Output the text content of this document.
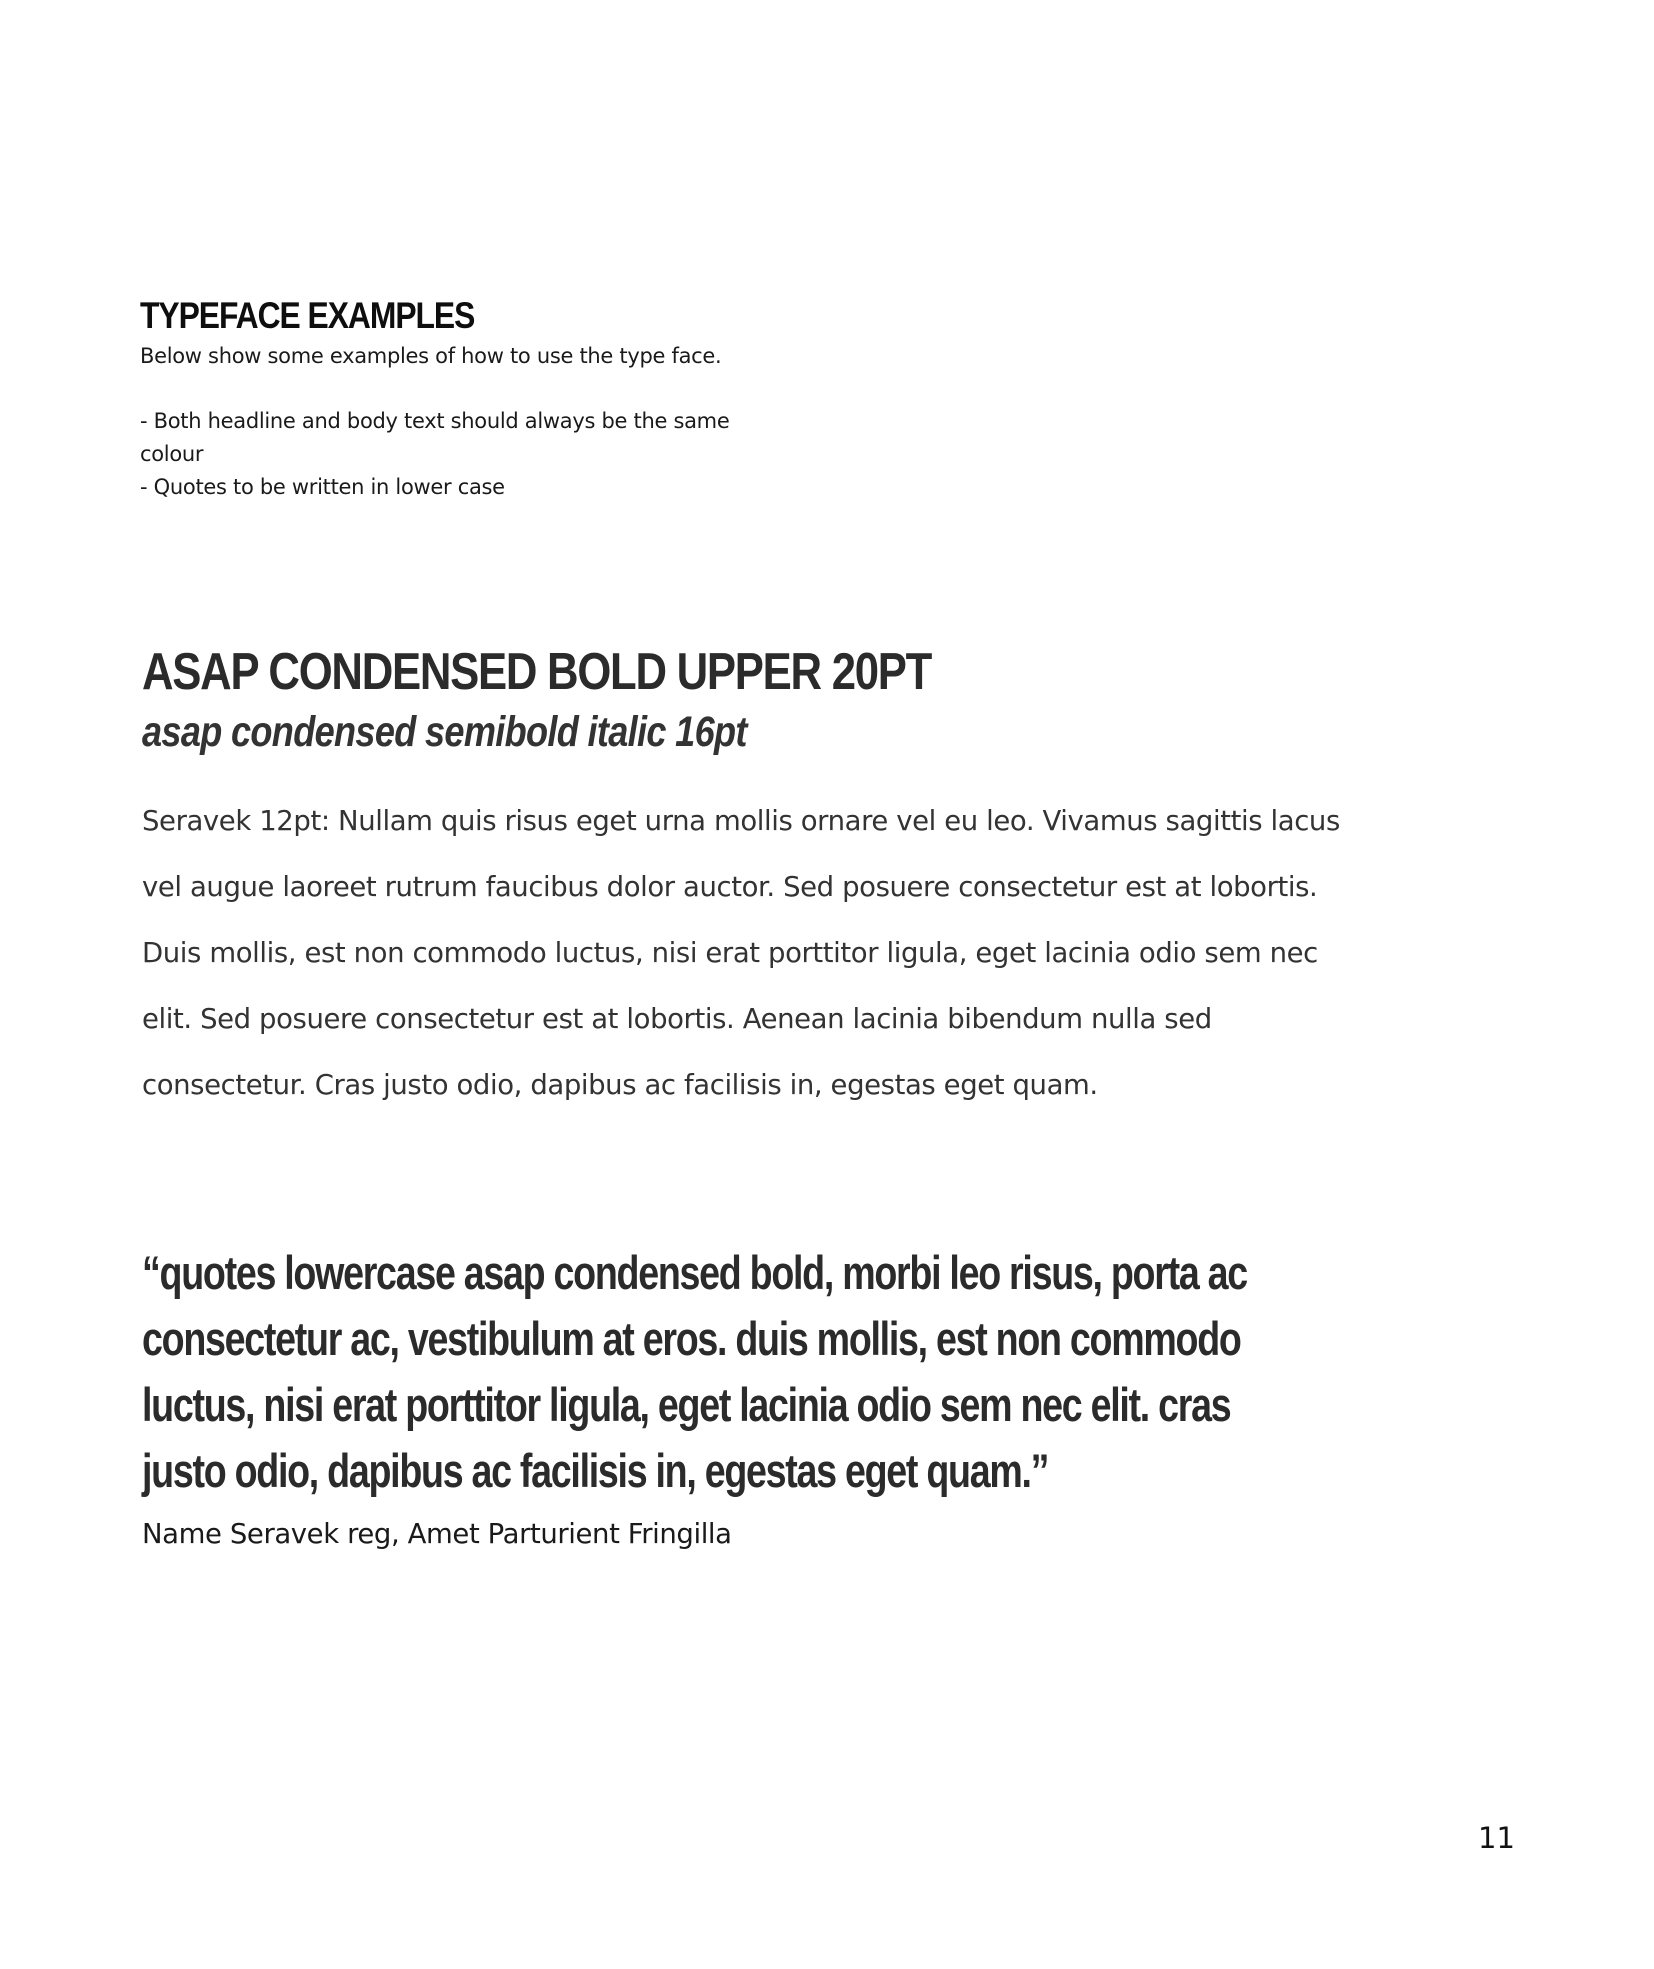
TYPEFACE EXAMPLES

Below show some examples of how to use the type face.

- Both headline and body text should always be the same colour
- Quotes to be written in lower case
ASAP CONDENSED BOLD UPPER 20PT
asap condensed semibold italic 16pt

Seravek 12pt: Nullam quis risus eget urna mollis ornare vel eu leo. Vivamus sagittis lacus vel augue laoreet rutrum faucibus dolor auctor. Sed posuere consectetur est at lobortis. Duis mollis, est non commodo luctus, nisi erat porttitor ligula, eget lacinia odio sem nec elit. Sed posuere consectetur est at lobortis. Aenean lacinia bibendum nulla sed consectetur. Cras justo odio, dapibus ac facilisis in, egestas eget quam.

“quotes lowercase asap condensed bold, morbi leo risus, porta ac consectetur ac, vestibulum at eros. duis mollis, est non commodo luctus, nisi erat porttitor ligula, eget lacinia odio sem nec elit. cras justo odio, dapibus ac facilisis in, egestas eget quam.”

Name Seravek reg, Amet Parturient Fringilla

11
